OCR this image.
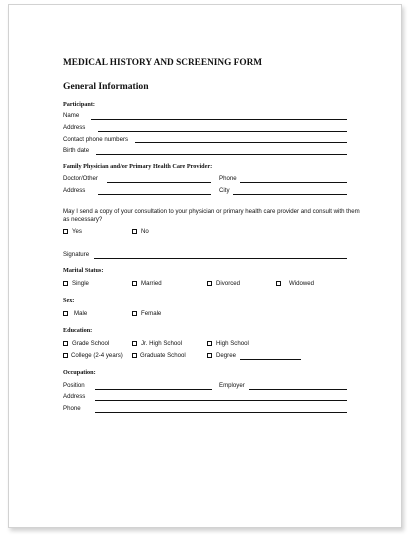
MEDICAL HISTORY AND SCREENING FORM
General Information
Participant:
Name
Address
Contact phone numbers
Birth date
Family Physician and/or Primary Health Care Provider:
Doctor/Other	Phone
Address	City
May I send a copy of your consultation to your physician or primary health care provider and consult with them as necessary?
Yes	No
Signature
Marital Status:
Single	Married	Divorced	Widowed
Sex:
Male	Female
Education:
Grade School	Jr. High School	High School
College (2-4 years)	Graduate School	Degree
Occupation:
Position	Employer
Address
Phone
